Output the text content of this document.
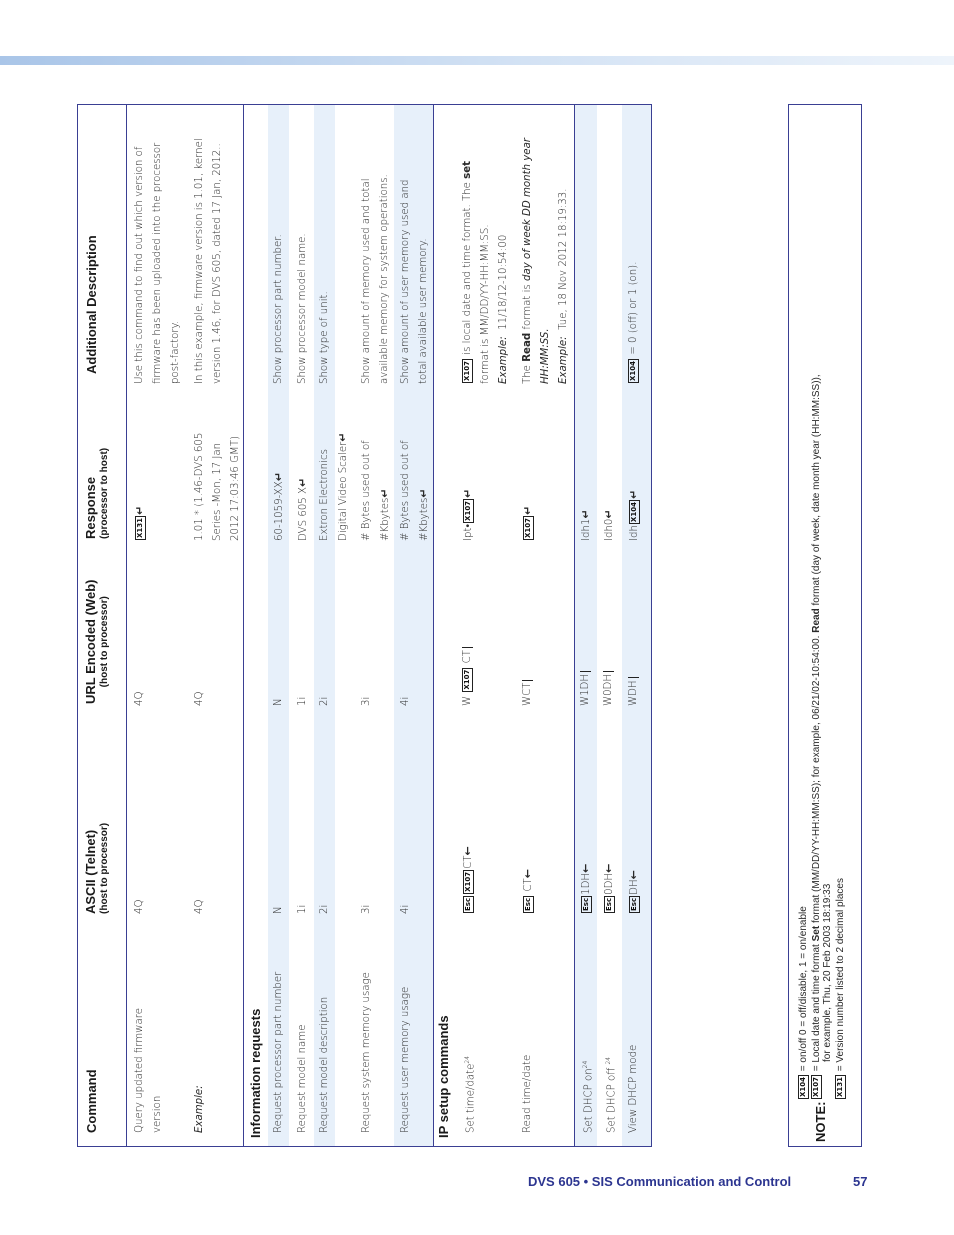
Command
ASCII (Telnet) (host to processor)
URL Encoded (Web) (host to processor)
Response (processor to host)
Additional Description
Query updated firmware version
4Q
4Q
X131↵
Use this command to find out which version of firmware has been uploaded into the processor post-factory.
Example:
4Q
4Q
1.01 * (1.46-DVS 605 Series -Mon, 17 Jan 2012 17:03:46 GMT)
In this example, firmware version is 1.01, kernel version 1.46, for DVS 605, dated 17 Jan, 2012..
Information requests Request processor part number
N
N
60-1059-XX↵
Show processor part number.
Request model name
1i
1i
DVS 605 X↵
Show processor model name.
Request model description
2i
2i
Extron Electronics Digital Video Scaler↵
Show type of unit.
Request system memory usage
3i
3i
# Bytes used out of #Kbytes↵
Show amount of memory used and total available memory for system operations.
Request user memory usage
4i
4i
# Bytes used out of #Kbytes↵
Show amount of user memory used and total available user memory.
IP setup commands	Set time/date$^{24}$
EscX107CT←
W X107 CT
Ipt•X107↵
X107 is local date and time format. The set
format is MM/DD/YY-HH:MM:SS. Example:  11/18/12-10:54:00
Read time/date
Esc CT←
WCT
X107↵
The Read format is day of week DD month year
HH:MM:SS. Example:  Tue, 18 Nov 2012 18:19:33.
Set DHCP $on^{24}$
Esc1DH←
W1DH
Idh1↵
Set DHCP off $^{24}$
Esc0DH←
W0DH
Idh0↵
View DHCP mode
EscDH←
WDH
IdhX104↵
X104 = 0 (off) or 1 (on).
NOTE:
X104 = on/off 0 = off/disable, 1 = on/enable
X107 = Local date and time format Set format (MM/DD/YY-HH:MM:SS); for example, 06/21/02-10:54:00. Read format (day of week, date month year (HH:MM:SS)),
for example, Thu, 20 Feb 2003 18:19:33
X131 = Version number listed to 2 decimal places
DVS 605 • SIS Communication and Control	57
